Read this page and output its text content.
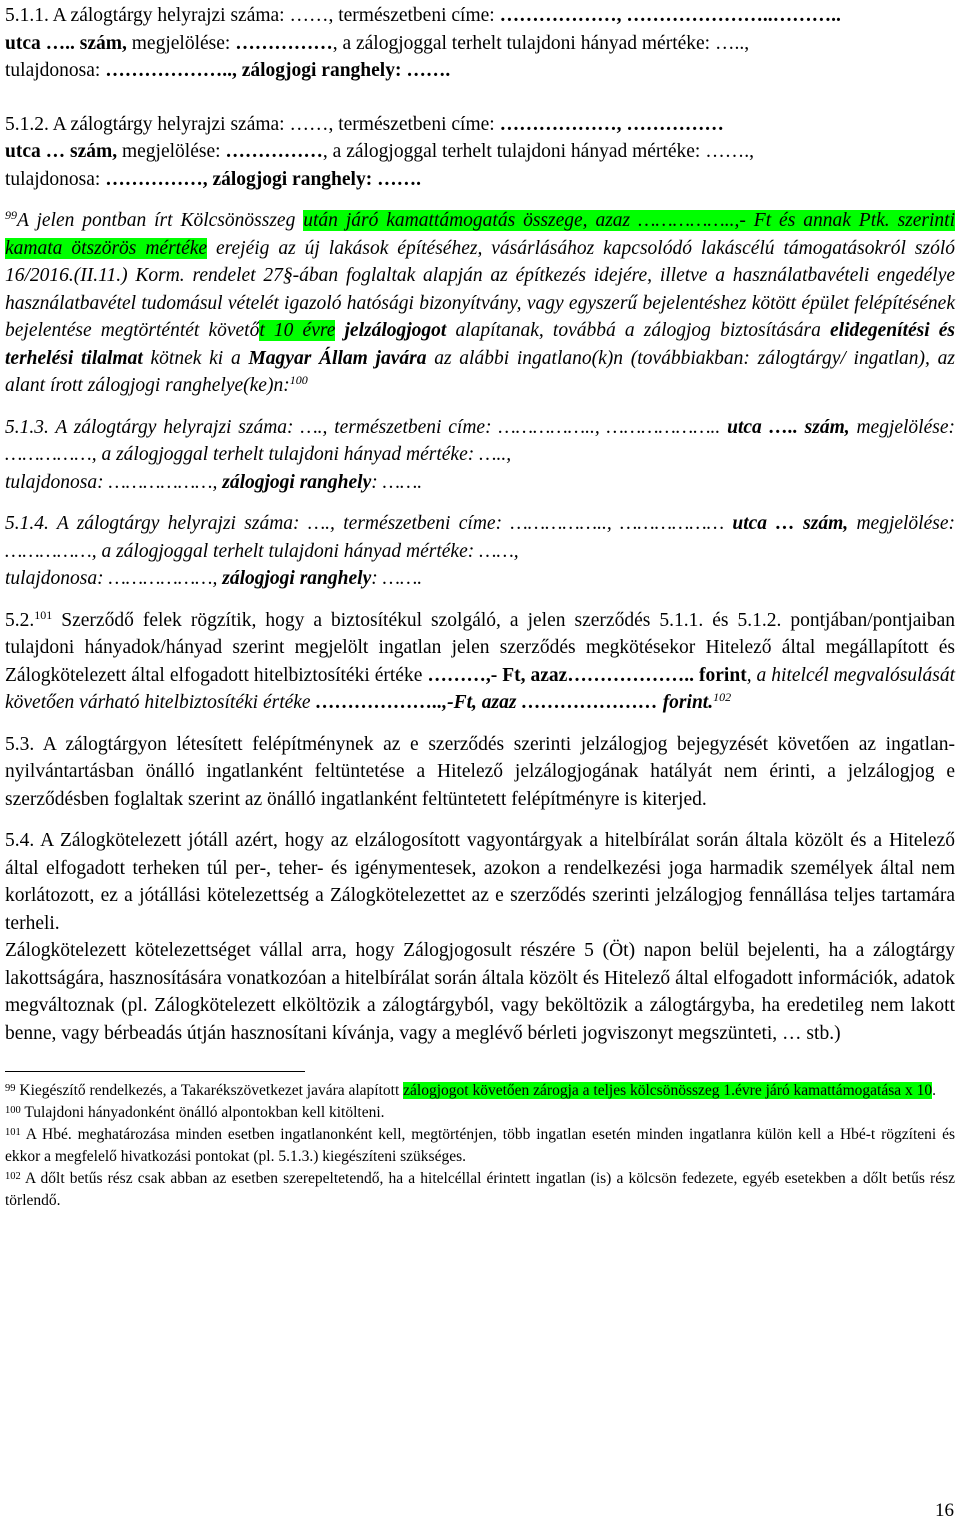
5.1.1. A zálogtárgy helyrajzi száma: ……, természetbeni címe: ………………, …………………..………..
utca ….. szám, megjelölése: ……………, a zálogjoggal terhelt tulajdoni hányad mértéke: …..,
tulajdonosa: ……………….., zálogjogi ranghely: …….

5.1.2. A zálogtárgy helyrajzi száma: ……, természetbeni címe: ………………, ……………
utca … szám, megjelölése: ……………, a zálogjoggal terhelt tulajdoni hányad mértéke: …….,
tulajdonosa: ……………, zálogjogi ranghely: …….

$^{99}$A jelen pontban írt Kölcsönösszeg után járó kamattámogatás összege, azaz ……………..,- Ft és annak Ptk. szerinti kamata ötszörös mértéke erejéig az új lakások építéséhez, vásárlásához kapcsolódó lakáscélú támogatásokról szóló 16/2016.(II.11.) Korm. rendelet 27§-ában foglaltak alapján az építkezés idejére, illetve a használatbavételi engedélye használatbavétel tudomásul vételét igazoló hatósági bizonyítvány, vagy egyszerű bejelentéshez kötött épület felépítésének bejelentése megtörténtét követőt 10 évre jelzálogjogot alapítanak, továbbá a zálogjog biztosítására elidegenítési és terhelési tilalmat kötnek ki a Magyar Állam javára az alábbi ingatlano(k)n (továbbiakban: zálogtárgy/ ingatlan), az alant írott zálogjogi ranghelye(ke)n:$^{100}$

5.1.3. A zálogtárgy helyrajzi száma: …., természetbeni címe: …………….., ……………….. utca ….. szám, megjelölése: ……………, a zálogjoggal terhelt tulajdoni hányad mértéke: …..,
tulajdonosa: ………………, zálogjogi ranghely: …….

5.1.4. A zálogtárgy helyrajzi száma: …., természetbeni címe: …………….., ……………… utca … szám, megjelölése: ……………, a zálogjoggal terhelt tulajdoni hányad mértéke: ……,
tulajdonosa: ………………, zálogjogi ranghely: …….

5.2.$^{101}$ Szerződő felek rögzítik, hogy a biztosítékul szolgáló, a jelen szerződés 5.1.1. és 5.1.2. pontjában/pontjaiban tulajdoni hányadok/hányad szerint megjelölt ingatlan jelen szerződés megkötésekor Hitelező által megállapított és Zálogkötelezett által elfogadott hitelbiztosítéki értéke ………,- Ft, azaz……………….. forint, a hitelcél megvalósulását követően várható hitelbiztosítéki értéke ………………..,-Ft, azaz ………………… forint.$^{102}$

5.3. A zálogtárgyon létesített felépítménynek az e szerződés szerinti jelzálogjog bejegyzését követően az ingatlan-nyilvántartásban önálló ingatlanként feltüntetése a Hitelező jelzálogjogának hatályát nem érinti, a jelzálogjog e szerződésben foglaltak szerint az önálló ingatlanként feltüntetett felépítményre is kiterjed.

5.4. A Zálogkötelezett jótáll azért, hogy az elzálogosított vagyontárgyak a hitelbírálat során általa közölt és a Hitelező által elfogadott terheken túl per-, teher- és igénymentesek, azokon a rendelkezési joga harmadik személyek által nem korlátozott, ez a jótállási kötelezettség a Zálogkötelezettet az e szerződés szerinti jelzálogjog fennállása teljes tartamára terheli.

Zálogkötelezett kötelezettséget vállal arra, hogy Zálogjogosult részére 5 (Öt) napon belül bejelenti, ha a zálogtárgy lakottságára, hasznosítására vonatkozóan a hitelbírálat során általa közölt és Hitelező által elfogadott információk, adatok megváltoznak (pl. Zálogkötelezett elköltözik a zálogtárgyból, vagy beköltözik a zálogtárgyba, ha eredetileg nem lakott benne, vagy bérbeadás útján hasznosítani kívánja, vagy a meglévő bérleti jogviszonyt megszünteti, … stb.)

$^{99}$ Kiegészítő rendelkezés, a Takarékszövetkezet javára alapított zálogjogot követően zárogja a teljes kölcsönösszeg 1.évre járó kamattámogatása x 10.

$^{100}$ Tulajdoni hányadonként önálló alpontokban kell kitölteni.

$^{101}$ A Hbé. meghatározása minden esetben ingatlanonként kell, megtörténjen, több ingatlan esetén minden ingatlanra külön kell a Hbé-t rögzíteni és ekkor a megfelelő hivatkozási pontokat (pl. 5.1.3.) kiegészíteni szükséges.

$^{102}$ A dőlt betűs rész csak abban az esetben szerepeltetendő, ha a hitelcéllal érintett ingatlan (is) a kölcsön fedezete, egyéb esetekben a dőlt betűs rész törlendő.

16
